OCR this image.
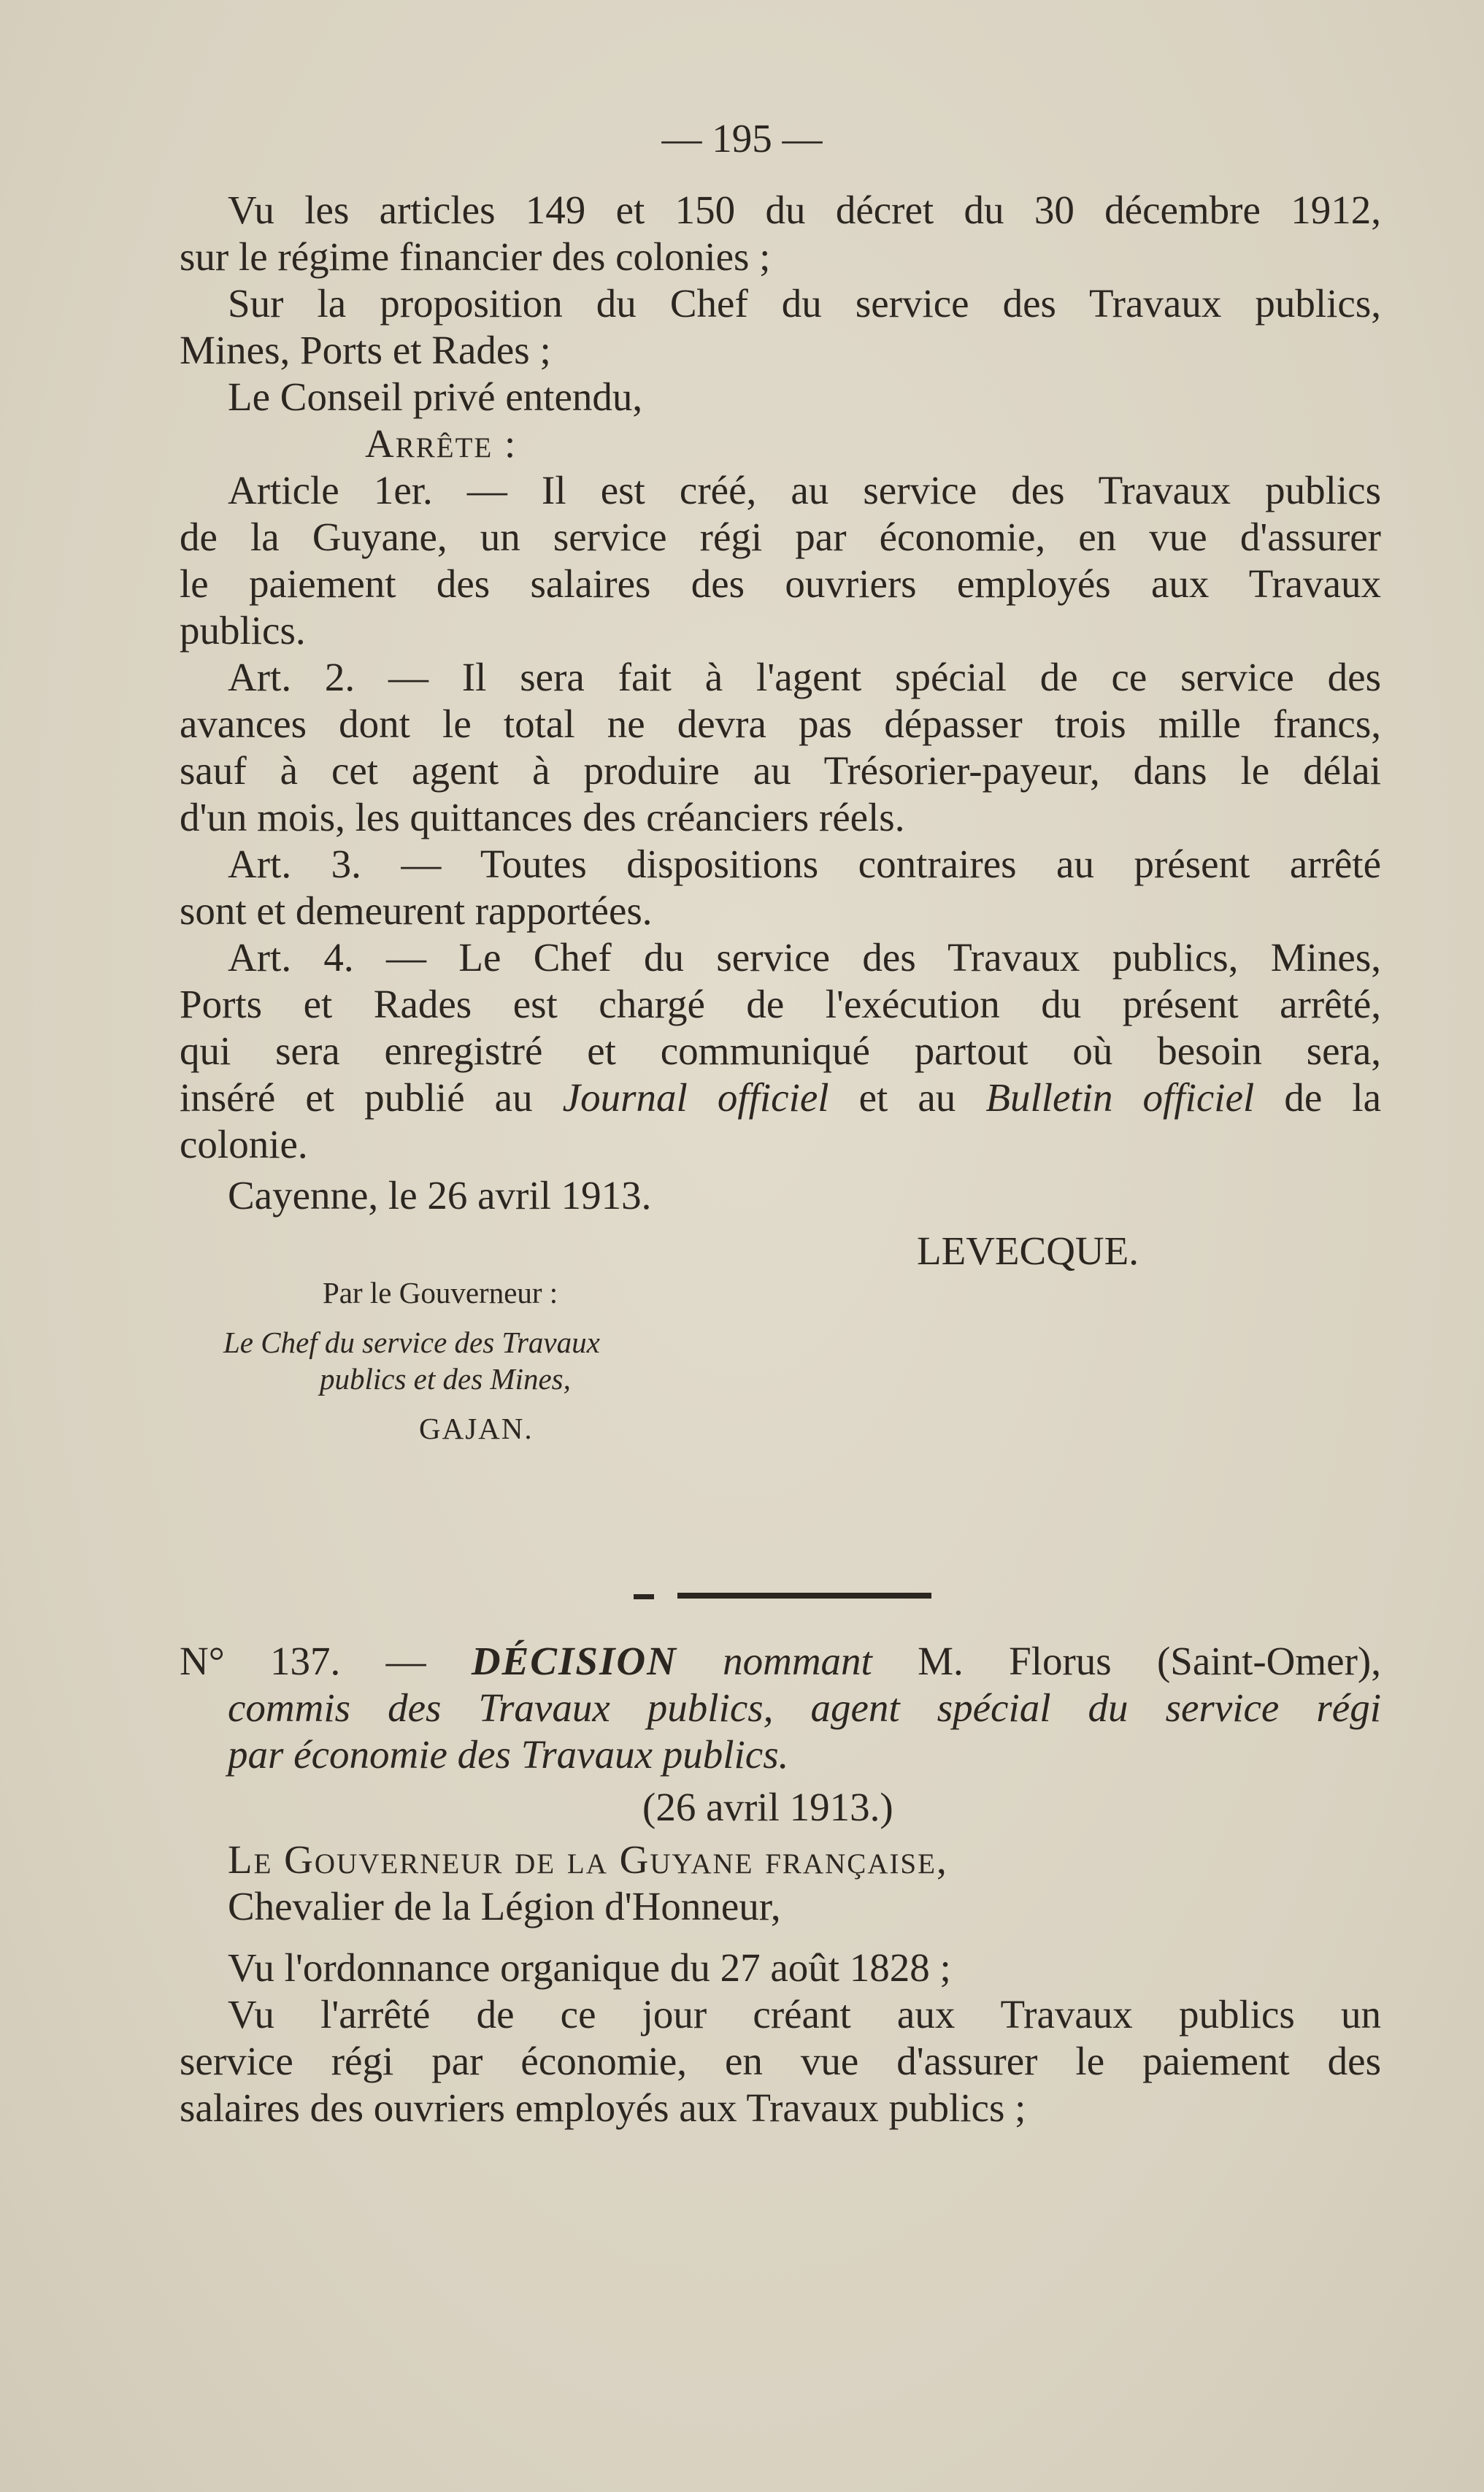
— 195 —

Vu les articles 149 et 150 du décret du 30 décembre 1912,

sur le régime financier des colonies ;

Sur la proposition du Chef du service des Travaux publics,

Mines, Ports et Rades ;

Le Conseil privé entendu,

Arrête :

Article 1er. — Il est créé, au service des Travaux publics

de la Guyane, un service régi par économie, en vue d'assurer

le paiement des salaires des ouvriers employés aux Travaux

publics.

Art. 2. — Il sera fait à l'agent spécial de ce service des

avances dont le total ne devra pas dépasser trois mille francs,

sauf à cet agent à produire au Trésorier-payeur, dans le délai

d'un mois, les quittances des créanciers réels.

Art. 3. — Toutes dispositions contraires au présent arrêté

sont et demeurent rapportées.

Art. 4. — Le Chef du service des Travaux publics, Mines,

Ports et Rades est chargé de l'exécution du présent arrêté,

qui sera enregistré et communiqué partout où besoin sera,

inséré et publié au Journal officiel et au Bulletin officiel de la

colonie.

Cayenne, le 26 avril 1913.

LEVECQUE.

Par le Gouverneur :

Le Chef du service des Travaux

publics et des Mines,

GAJAN.

N° 137. — DÉCISION nommant M. Florus (Saint-Omer),

commis des Travaux publics, agent spécial du service régi

par économie des Travaux publics.

(26 avril 1913.)

Le Gouverneur de la Guyane française,

Chevalier de la Légion d'Honneur,

Vu l'ordonnance organique du 27 août 1828 ;

Vu l'arrêté de ce jour créant aux Travaux publics un

service régi par économie, en vue d'assurer le paiement des

salaires des ouvriers employés aux Travaux publics ;
